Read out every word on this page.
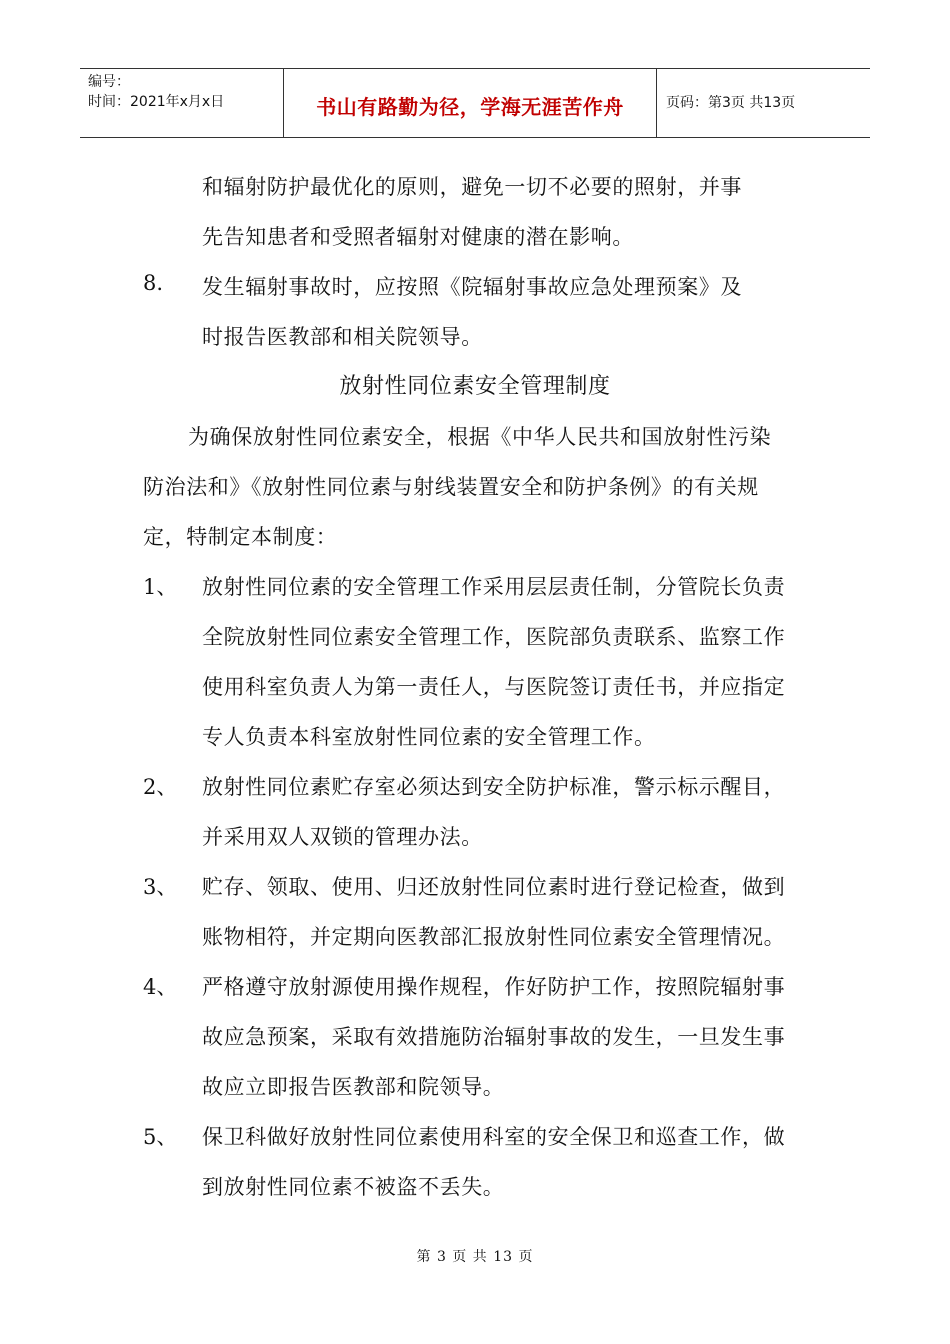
编号：
时间：2021年x月x日	书山有路勤为径，学海无涯苦作舟	页码：第3页 共13页
和辐射防护最优化的原则，避免一切不必要的照射，并事
先告知患者和受照者辐射对健康的潜在影响。
8. 发生辐射事故时，应按照《院辐射事故应急处理预案》及
时报告医教部和相关院领导。
放射性同位素安全管理制度
为确保放射性同位素安全，根据《中华人民共和国放射性污染
防治法和》《放射性同位素与射线装置安全和防护条例》的有关规
定，特制定本制度：
1、 放射性同位素的安全管理工作采用层层责任制，分管院长负责
全院放射性同位素安全管理工作，医院部负责联系、监察工作
使用科室负责人为第一责任人，与医院签订责任书，并应指定
专人负责本科室放射性同位素的安全管理工作。
2、 放射性同位素贮存室必须达到安全防护标准，警示标示醒目，
并采用双人双锁的管理办法。
3、 贮存、领取、使用、归还放射性同位素时进行登记检查，做到
账物相符，并定期向医教部汇报放射性同位素安全管理情况。
4、 严格遵守放射源使用操作规程，作好防护工作，按照院辐射事
故应急预案，采取有效措施防治辐射事故的发生，一旦发生事
故应立即报告医教部和院领导。
5、 保卫科做好放射性同位素使用科室的安全保卫和巡查工作，做
到放射性同位素不被盗不丢失。
第 3 页 共 13 页
